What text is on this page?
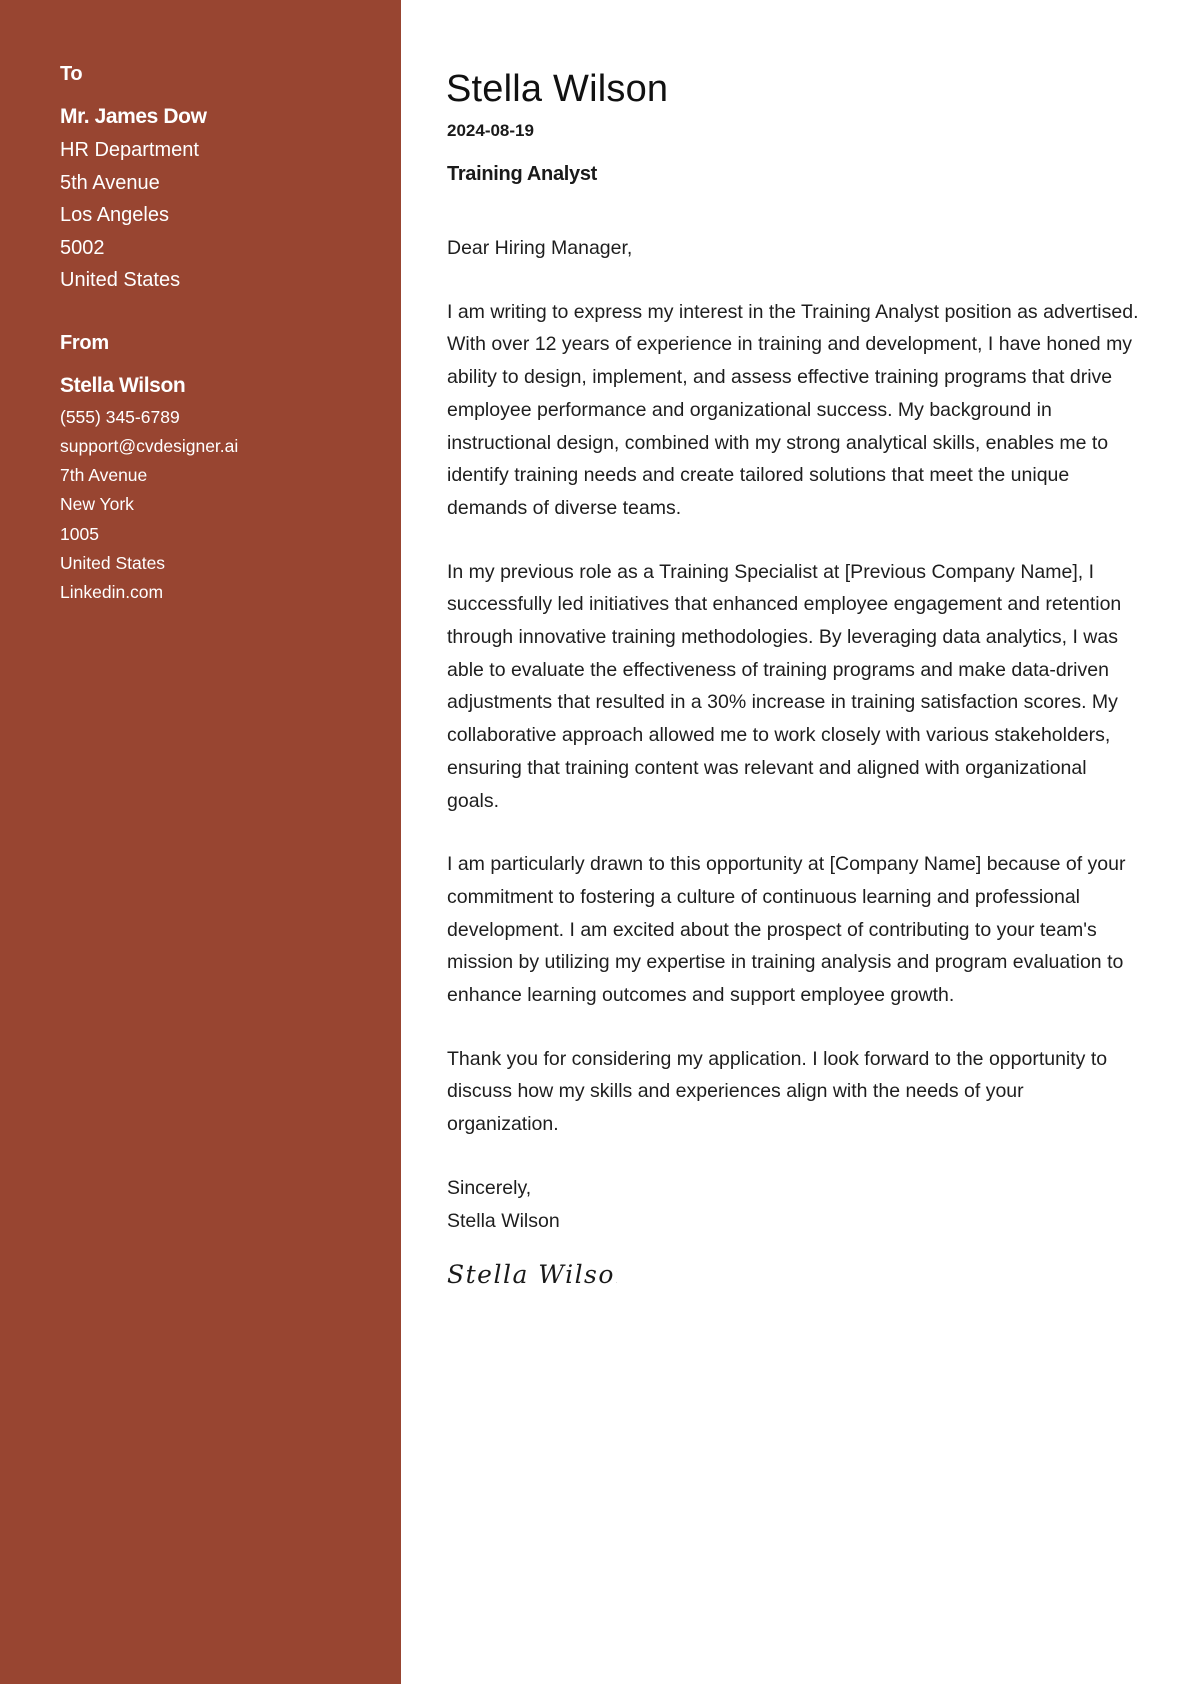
To
Mr. James Dow
HR Department
5th Avenue
Los Angeles
5002
United States
From
Stella Wilson
(555) 345-6789
support@cvdesigner.ai
7th Avenue
New York
1005
United States
Linkedin.com
Stella Wilson
2024-08-19
Training Analyst

Dear Hiring Manager,

I am writing to express my interest in the Training Analyst position as advertised. With over 12 years of experience in training and development, I have honed my ability to design, implement, and assess effective training programs that drive employee performance and organizational success. My background in instructional design, combined with my strong analytical skills, enables me to identify training needs and create tailored solutions that meet the unique demands of diverse teams.

In my previous role as a Training Specialist at [Previous Company Name], I successfully led initiatives that enhanced employee engagement and retention through innovative training methodologies. By leveraging data analytics, I was able to evaluate the effectiveness of training programs and make data-driven adjustments that resulted in a 30% increase in training satisfaction scores. My collaborative approach allowed me to work closely with various stakeholders, ensuring that training content was relevant and aligned with organizational goals.

I am particularly drawn to this opportunity at [Company Name] because of your commitment to fostering a culture of continuous learning and professional development. I am excited about the prospect of contributing to your team's mission by utilizing my expertise in training analysis and program evaluation to enhance learning outcomes and support employee growth.

Thank you for considering my application. I look forward to the opportunity to discuss how my skills and experiences align with the needs of your organization.

Sincerely,
Stella Wilson
Stella Wilson
